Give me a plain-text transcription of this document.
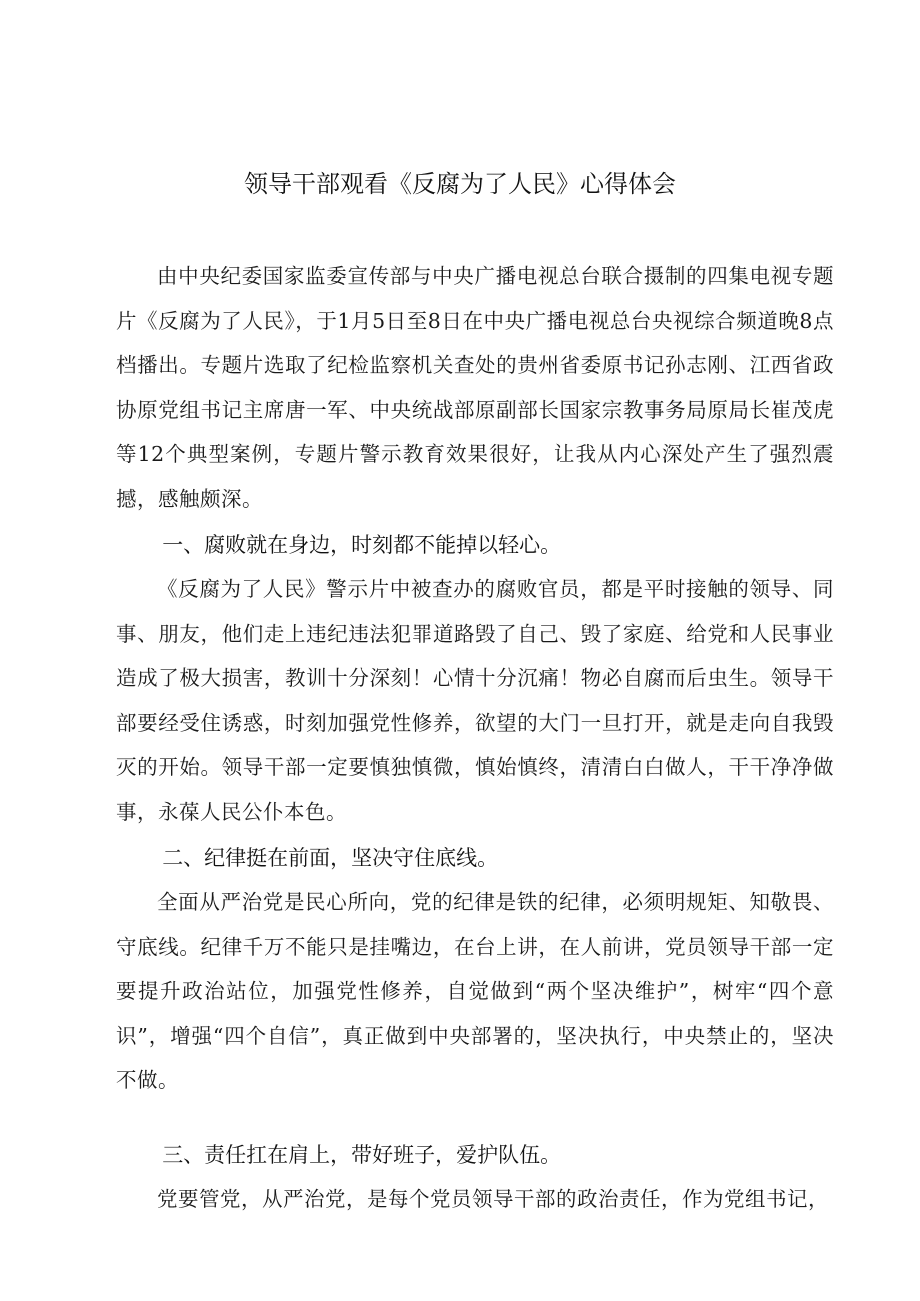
领导干部观看《反腐为了人民》心得体会

由中央纪委国家监委宣传部与中央广播电视总台联合摄制的四集电视专题片《反腐为了人民》，于1月5日至8日在中央广播电视总台央视综合频道晚8点档播出。专题片选取了纪检监察机关查处的贵州省委原书记孙志刚、江西省政协原党组书记主席唐一军、中央统战部原副部长国家宗教事务局原局长崔茂虎等12个典型案例，专题片警示教育效果很好，让我从内心深处产生了强烈震撼，感触颇深。

一、腐败就在身边，时刻都不能掉以轻心。

《反腐为了人民》警示片中被查办的腐败官员，都是平时接触的领导、同事、朋友，他们走上违纪违法犯罪道路毁了自己、毁了家庭、给党和人民事业造成了极大损害，教训十分深刻！心情十分沉痛！物必自腐而后虫生。领导干部要经受住诱惑，时刻加强党性修养，欲望的大门一旦打开，就是走向自我毁灭的开始。领导干部一定要慎独慎微，慎始慎终，清清白白做人，干干净净做事，永葆人民公仆本色。

二、纪律挺在前面，坚决守住底线。

全面从严治党是民心所向，党的纪律是铁的纪律，必须明规矩、知敬畏、守底线。纪律千万不能只是挂嘴边，在台上讲，在人前讲，党员领导干部一定要提升政治站位，加强党性修养，自觉做到“两个坚决维护”，树牢“四个意识”，增强“四个自信”，真正做到中央部署的，坚决执行，中央禁止的，坚决不做。

三、责任扛在肩上，带好班子，爱护队伍。

党要管党，从严治党，是每个党员领导干部的政治责任，作为党组书记，
